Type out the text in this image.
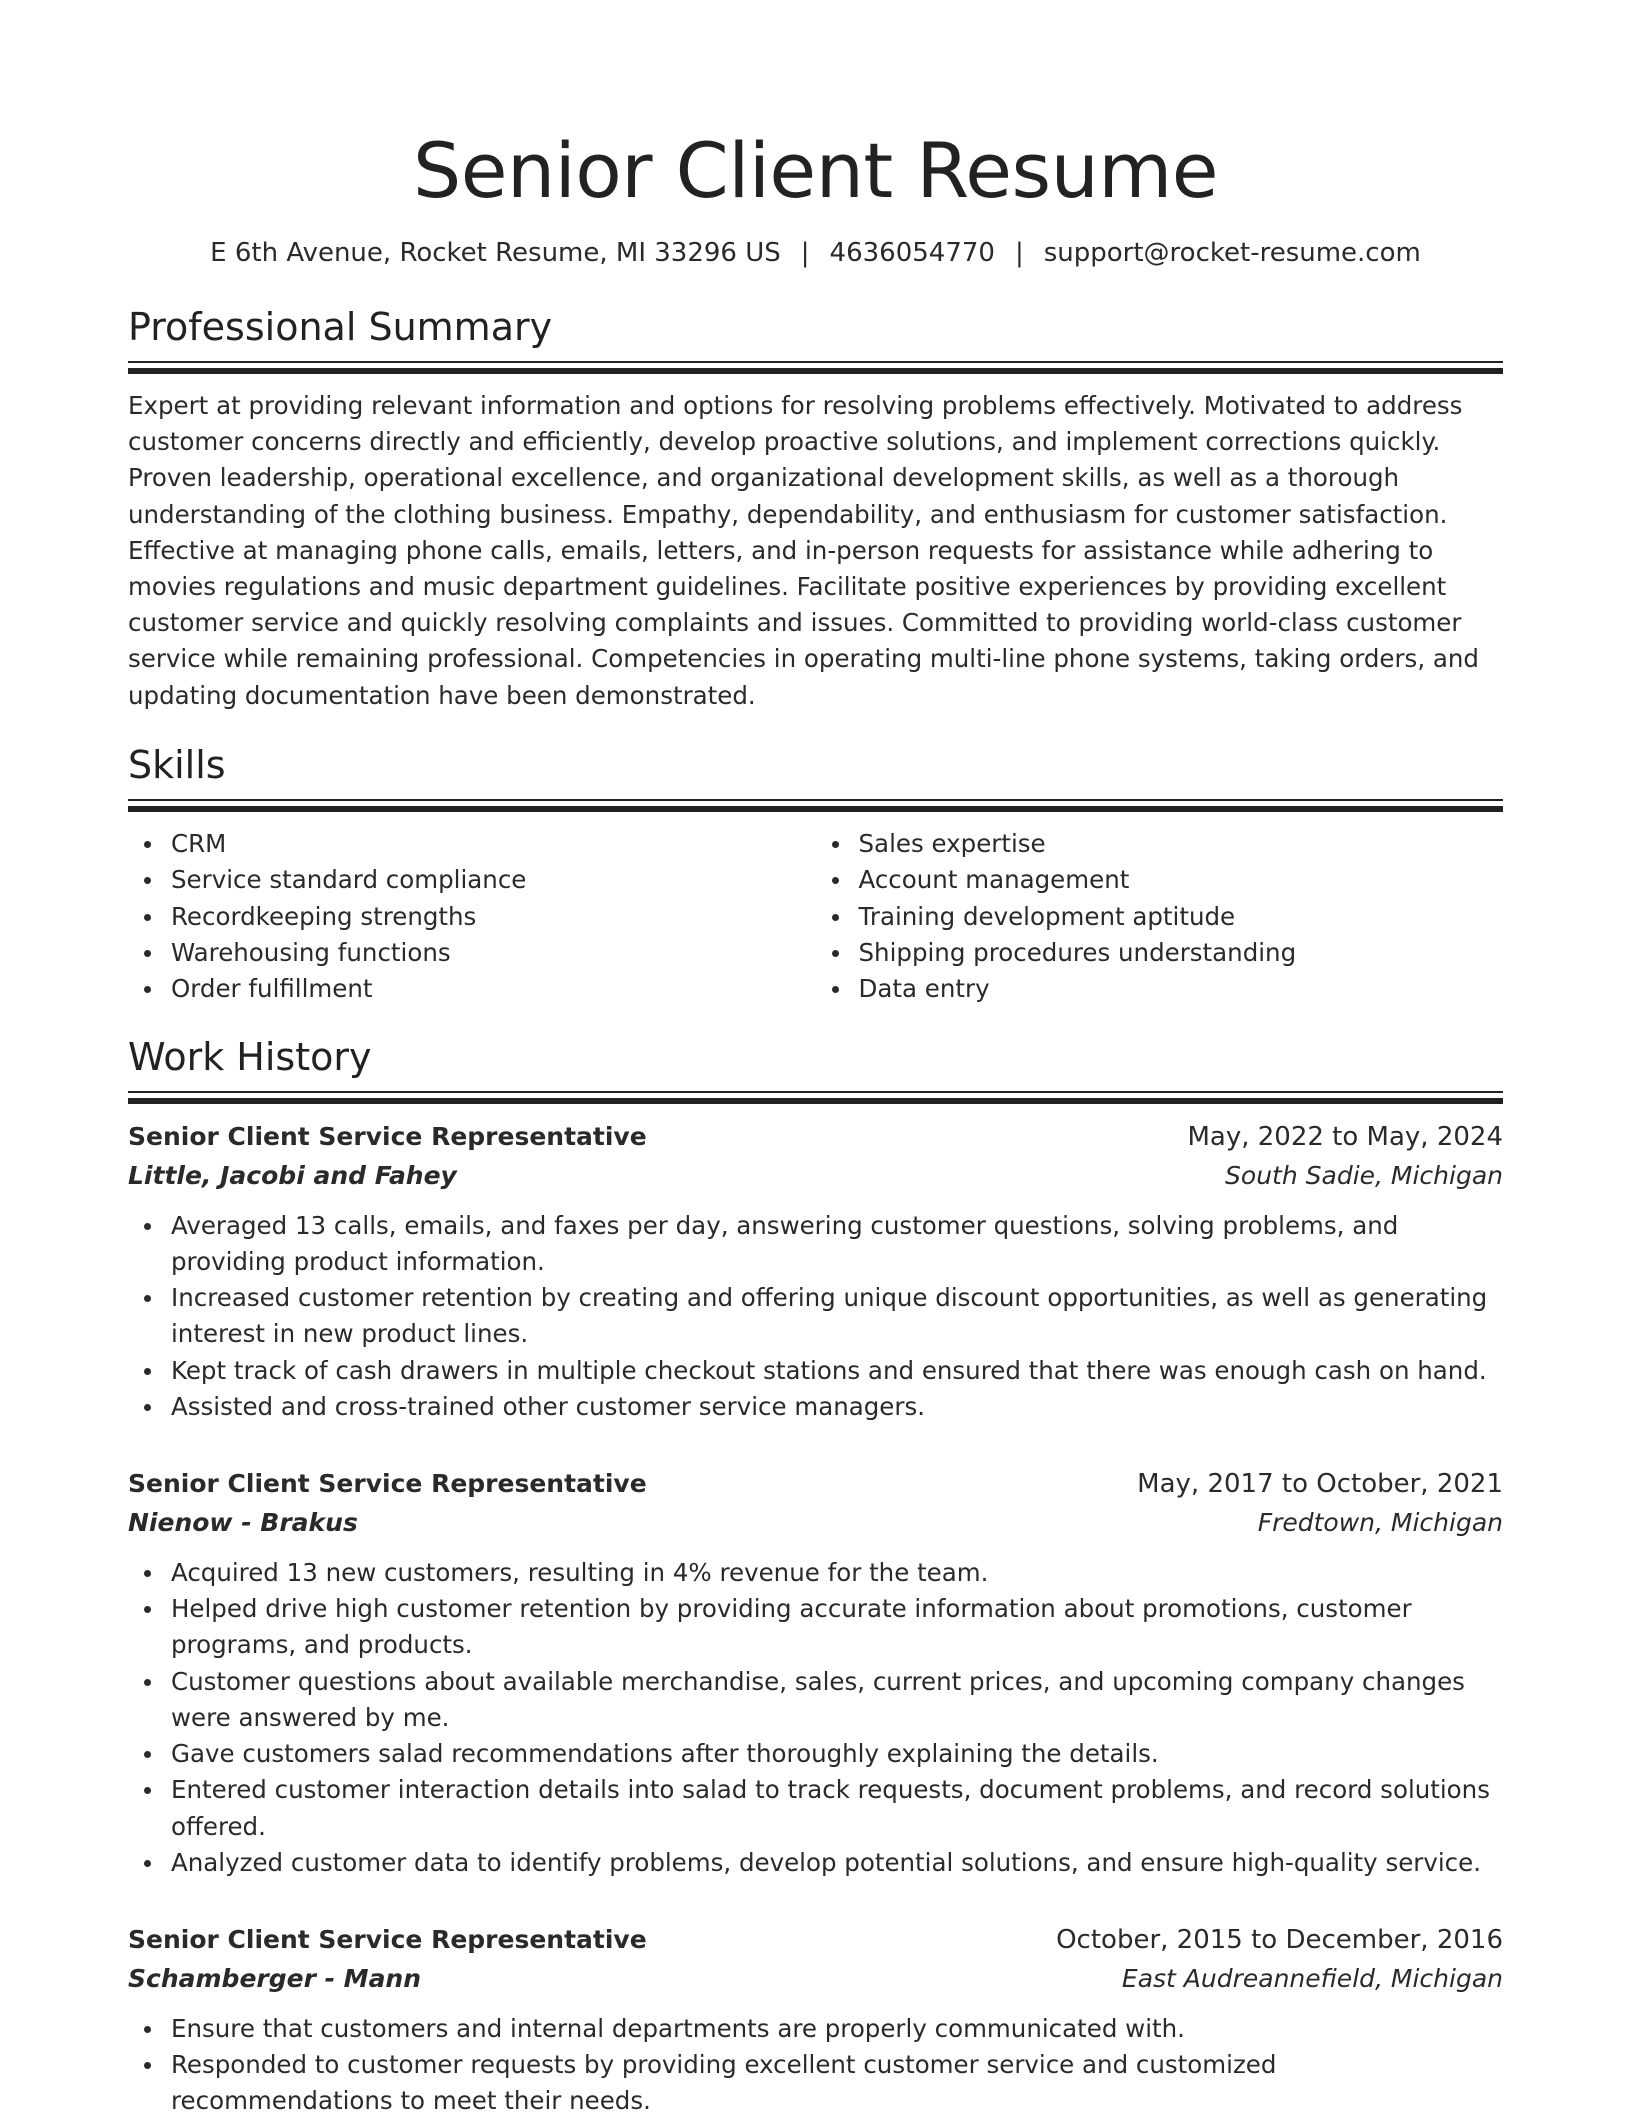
Senior Client Resume
E 6th Avenue, Rocket Resume, MI 33296 US | 4636054770 | support@rocket-resume.com
Professional Summary

Expert at providing relevant information and options for resolving problems effectively. Motivated to address customer concerns directly and efficiently, develop proactive solutions, and implement corrections quickly. Proven leadership, operational excellence, and organizational development skills, as well as a thorough understanding of the clothing business. Empathy, dependability, and enthusiasm for customer satisfaction. Effective at managing phone calls, emails, letters, and in-person requests for assistance while adhering to movies regulations and music department guidelines. Facilitate positive experiences by providing excellent customer service and quickly resolving complaints and issues. Committed to providing world-class customer service while remaining professional. Competencies in operating multi-line phone systems, taking orders, and updating documentation have been demonstrated.

Skills
CRM
Service standard compliance
Recordkeeping strengths
Warehousing functions
Order fulfillment
Sales expertise
Account management
Training development aptitude
Shipping procedures understanding
Data entry
Work History
Senior Client Service Representative	May, 2022 to May, 2024
Little, Jacobi and Fahey	South Sadie, Michigan
Averaged 13 calls, emails, and faxes per day, answering customer questions, solving problems, and providing product information.
Increased customer retention by creating and offering unique discount opportunities, as well as generating interest in new product lines.
Kept track of cash drawers in multiple checkout stations and ensured that there was enough cash on hand.
Assisted and cross-trained other customer service managers.
Senior Client Service Representative	May, 2017 to October, 2021
Nienow - Brakus	Fredtown, Michigan
Acquired 13 new customers, resulting in 4% revenue for the team.
Helped drive high customer retention by providing accurate information about promotions, customer programs, and products.
Customer questions about available merchandise, sales, current prices, and upcoming company changes were answered by me.
Gave customers salad recommendations after thoroughly explaining the details.
Entered customer interaction details into salad to track requests, document problems, and record solutions offered.
Analyzed customer data to identify problems, develop potential solutions, and ensure high-quality service.
Senior Client Service Representative	October, 2015 to December, 2016
Schamberger - Mann	East Audreannefield, Michigan
Ensure that customers and internal departments are properly communicated with.
Responded to customer requests by providing excellent customer service and customized recommendations to meet their needs.
